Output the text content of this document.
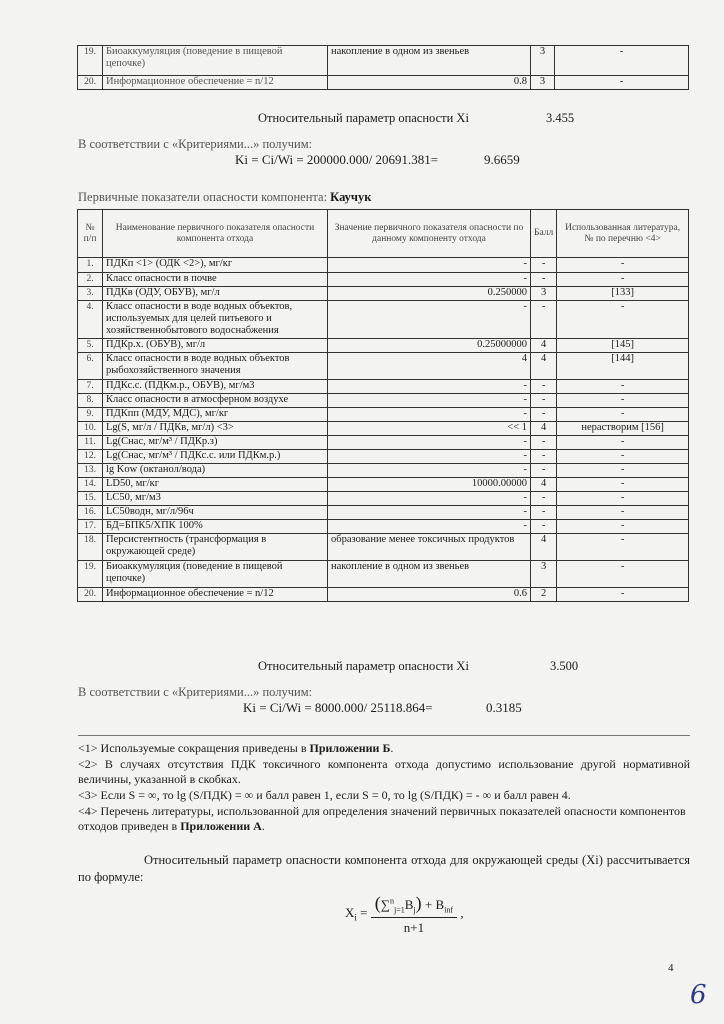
19.	Биоаккумуляция (поведение в пищевой цепочке)	накопление в одном из звеньев	3	-
20.	Информационное обеспечение = n/12	0.8	3	-
Относительный параметр опасности Xi	3.455
В соответствии с «Критериями...» получим:
Ki = Ci/Wi = 200000.000/ 20691.381=	9.6659
Первичные показатели опасности компонента: Каучук
№ п/п	Наименование первичного показателя опасности компонента отхода	Значение первичного показателя опасности по данному компоненту отхода	Балл	Использованная литература, № по перечню <4>
1.	ПДКп <1> (ОДК <2>), мг/кг	-	-	-
2.	Класс опасности в почве	-	-	-
3.	ПДКв (ОДУ, ОБУВ), мг/л	0.250000	3	[133]
4.	Класс опасности в воде водных объектов, используемых для целей питьевого и хозяйственнобытового водоснабжения	-	-	-
5.	ПДКр.х. (ОБУВ), мг/л	0.25000000	4	[145]
6.	Класс опасности в воде водных объектов рыбохозяйственного значения	4	4	[144]
7.	ПДКс.с. (ПДКм.р., ОБУВ), мг/м3	-	-	-
8.	Класс опасности в атмосферном воздухе	-	-	-
9.	ПДКпп (МДУ, МДС), мг/кг	-	-	-
10.	Lg(S, мг/л / ПДКв, мг/л) <3>	<< 1	4	нерастворим [156]
11.	Lg(Снас, мг/м³ / ПДКр.з)	-	-	-
12.	Lg(Снас, мг/м³ / ПДКс.с. или ПДКм.р.)	-	-	-
13.	lg Kow (октанол/вода)	-	-	-
14.	LD50, мг/кг	10000.00000	4	-
15.	LC50, мг/м3	-	-	-
16.	LC50водн, мг/л/96ч	-	-	-
17.	БД=БПК5/ХПК 100%	-	-	-
18.	Персистентность (трансформация в окружающей среде)	образование менее токсичных продуктов	4	-
19.	Биоаккумуляция (поведение в пищевой цепочке)	накопление в одном из звеньев	3	-
20.	Информационное обеспечение = n/12	0.6	2	-
Относительный параметр опасности Xi	3.500
В соответствии с «Критериями...» получим:
Ki = Ci/Wi = 8000.000/ 25118.864=	0.3185
<1> Используемые сокращения приведены в Приложении Б.
<2> В случаях отсутствия ПДК токсичного компонента отхода допустимо использование другой нормативной величины, указанной в скобках.
<3> Если S = ∞, то lg (S/ПДК) = ∞ и балл равен 1, если S = 0, то lg (S/ПДК) = - ∞ и балл равен 4.
<4> Перечень литературы, использованной для определения значений первичных показателей опасности компонентов отходов приведен в Приложении А.
Относительный параметр опасности компонента отхода для окружающей среды (Xi) рассчитывается по формуле:
$X_i = \frac{(\sum^n_{j=1}B_j) + B_{inf}}{n+1}$ ,
4
6
